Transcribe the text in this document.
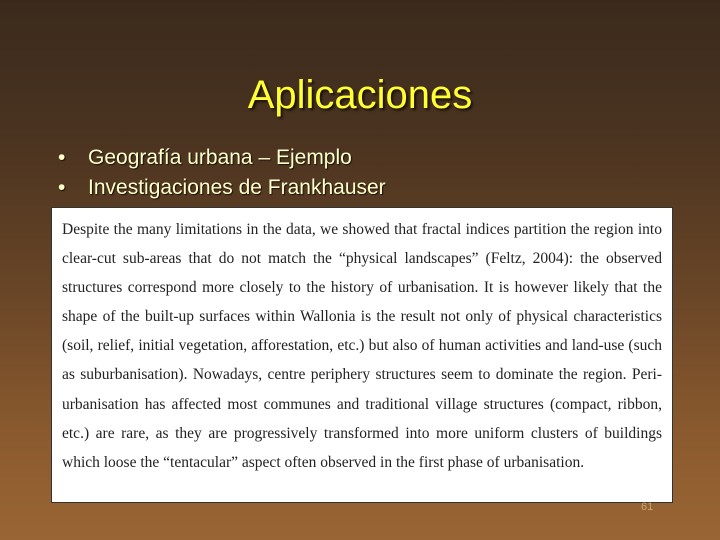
Aplicaciones
•	Geografía urbana – Ejemplo
•	Investigaciones de Frankhauser

Despite the many limitations in the data, we showed that fractal indices partition the region into clear-cut sub-areas that do not match the “physical landscapes” (Feltz, 2004): the observed structures correspond more closely to the history of urbanisation. It is however likely that the shape of the built-up surfaces within Wallonia is the result not only of physical characteristics (soil, relief, initial vegetation, afforestation, etc.) but also of human activities and land-use (such as suburbanisation). Nowadays, centre periphery structures seem to dominate the region. Peri-urbanisation has affected most communes and traditional village structures (compact, ribbon, etc.) are rare, as they are progressively transformed into more uniform clusters of buildings which loose the “tentacular” aspect often observed in the first phase of urbanisation.

61
